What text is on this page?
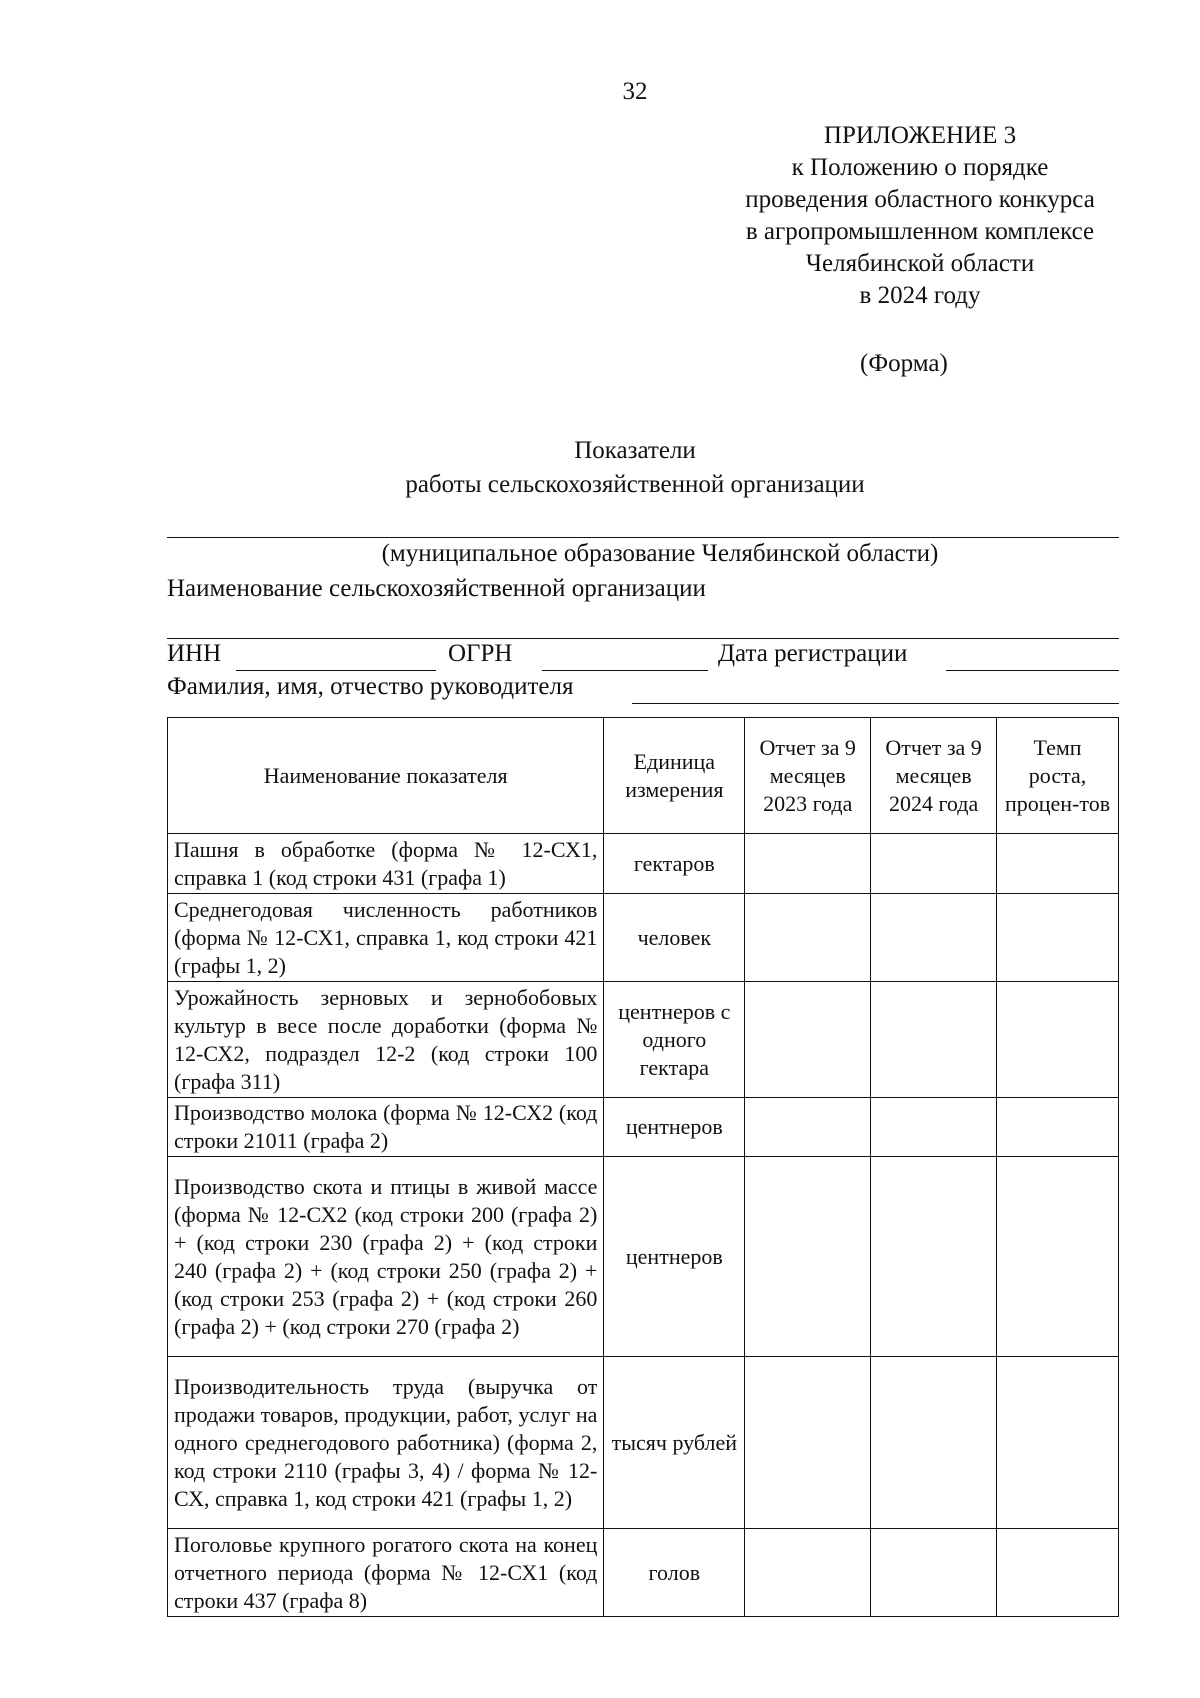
32
ПРИЛОЖЕНИЕ 3
к Положению о порядке
проведения областного конкурса
в агропромышленном комплексе
Челябинской области
в 2024 году
(Форма)
Показатели
работы сельскохозяйственной организации
(муниципальное образование Челябинской области)
Наименование сельскохозяйственной организации
ИНН	ОГРН	Дата регистрации
Фамилия, имя, отчество руководителя
Наименование показателя	Единица измерения	Отчет за 9 месяцев 2023 года	Отчет за 9 месяцев 2024 года	Темп роста, процен-тов
Пашня в обработке (форма № 12-СХ1, справка 1 (код строки 431 (графа 1)	гектаров			
Среднегодовая численность работников (форма № 12-СХ1, справка 1, код строки 421 (графы 1, 2)	человек			
Урожайность зерновых и зернобобовых культур в весе после доработки (форма № 12-СХ2, подраздел 12-2 (код строки 100 (графа 311)	центнеров с одного гектара			
Производство молока (форма № 12-СХ2 (код строки 21011 (графа 2)	центнеров			
Производство скота и птицы в живой массе (форма № 12-СХ2 (код строки 200 (графа 2) + (код строки 230 (графа 2) + (код строки 240 (графа 2) + (код строки 250 (графа 2) + (код строки 253 (графа 2) + (код строки 260 (графа 2) + (код строки 270 (графа 2)	центнеров			
Производительность труда (выручка от продажи товаров, продукции, работ, услуг на одного среднегодового работника) (форма 2, код строки 2110 (графы 3, 4) / форма № 12-СХ, справка 1, код строки 421 (графы 1, 2)	тысяч рублей			
Поголовье крупного рогатого скота на конец отчетного периода (форма № 12-СХ1 (код строки 437 (графа 8)	голов			
